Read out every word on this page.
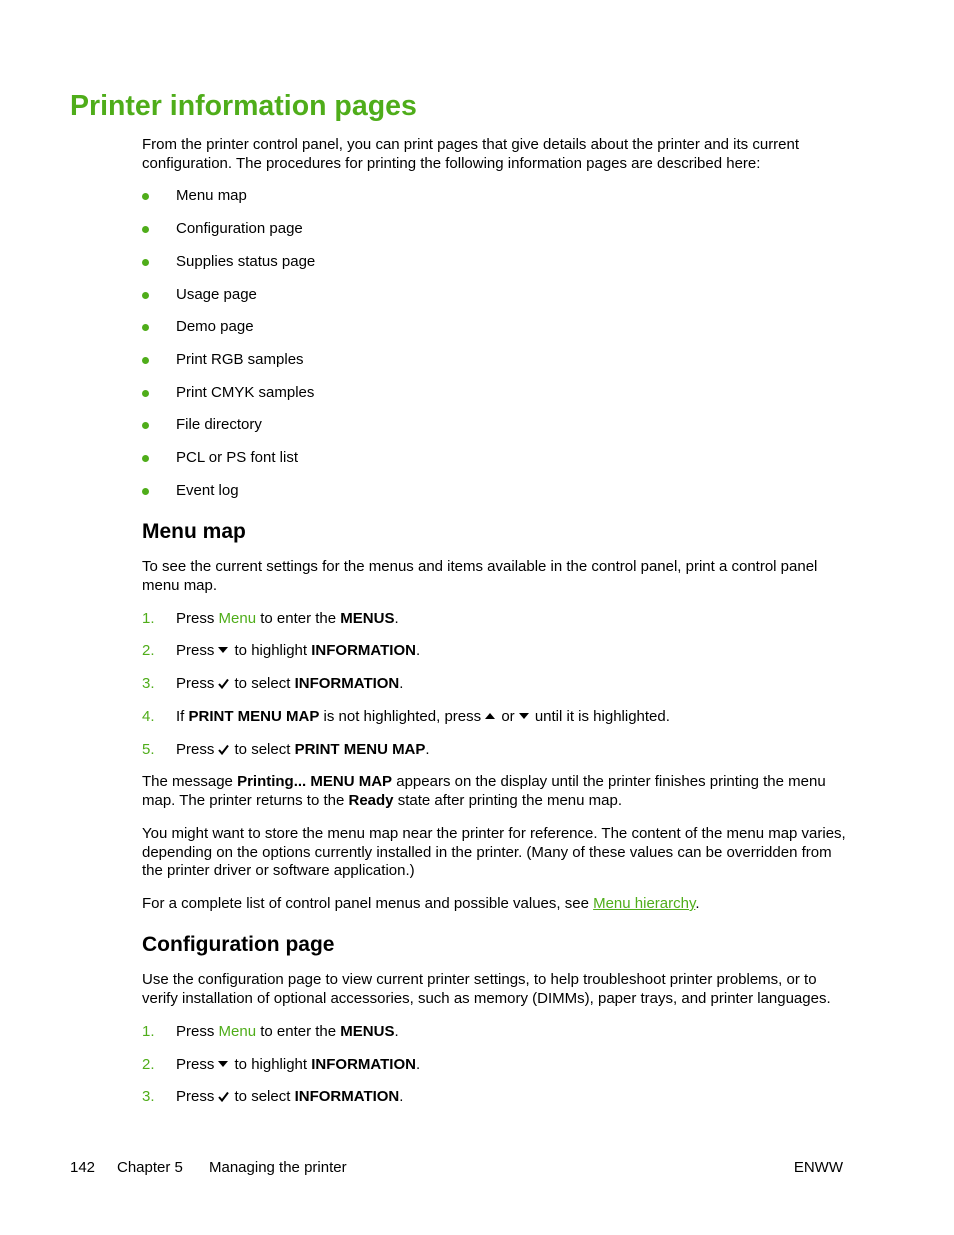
Printer information pages

From the printer control panel, you can print pages that give details about the printer and its current configuration. The procedures for printing the following information pages are described here:

Menu map
Configuration page
Supplies status page
Usage page
Demo page
Print RGB samples
Print CMYK samples
File directory
PCL or PS font list
Event log
Menu map

To see the current settings for the menus and items available in the control panel, print a control panel menu map.

1. Press Menu to enter the MENUS.
2. Press to highlight INFORMATION.
3. Press to select INFORMATION.
4. If PRINT MENU MAP is not highlighted, press or until it is highlighted.
5. Press to select PRINT MENU MAP.

The message Printing... MENU MAP appears on the display until the printer finishes printing the menu map. The printer returns to the Ready state after printing the menu map.

You might want to store the menu map near the printer for reference. The content of the menu map varies, depending on the options currently installed in the printer. (Many of these values can be overridden from the printer driver or software application.)

For a complete list of control panel menus and possible values, see Menu hierarchy.

Configuration page

Use the configuration page to view current printer settings, to help troubleshoot printer problems, or to verify installation of optional accessories, such as memory (DIMMs), paper trays, and printer languages.

1. Press Menu to enter the MENUS.
2. Press to highlight INFORMATION.
3. Press to select INFORMATION.
142 Chapter 5 Managing the printer	ENWW
